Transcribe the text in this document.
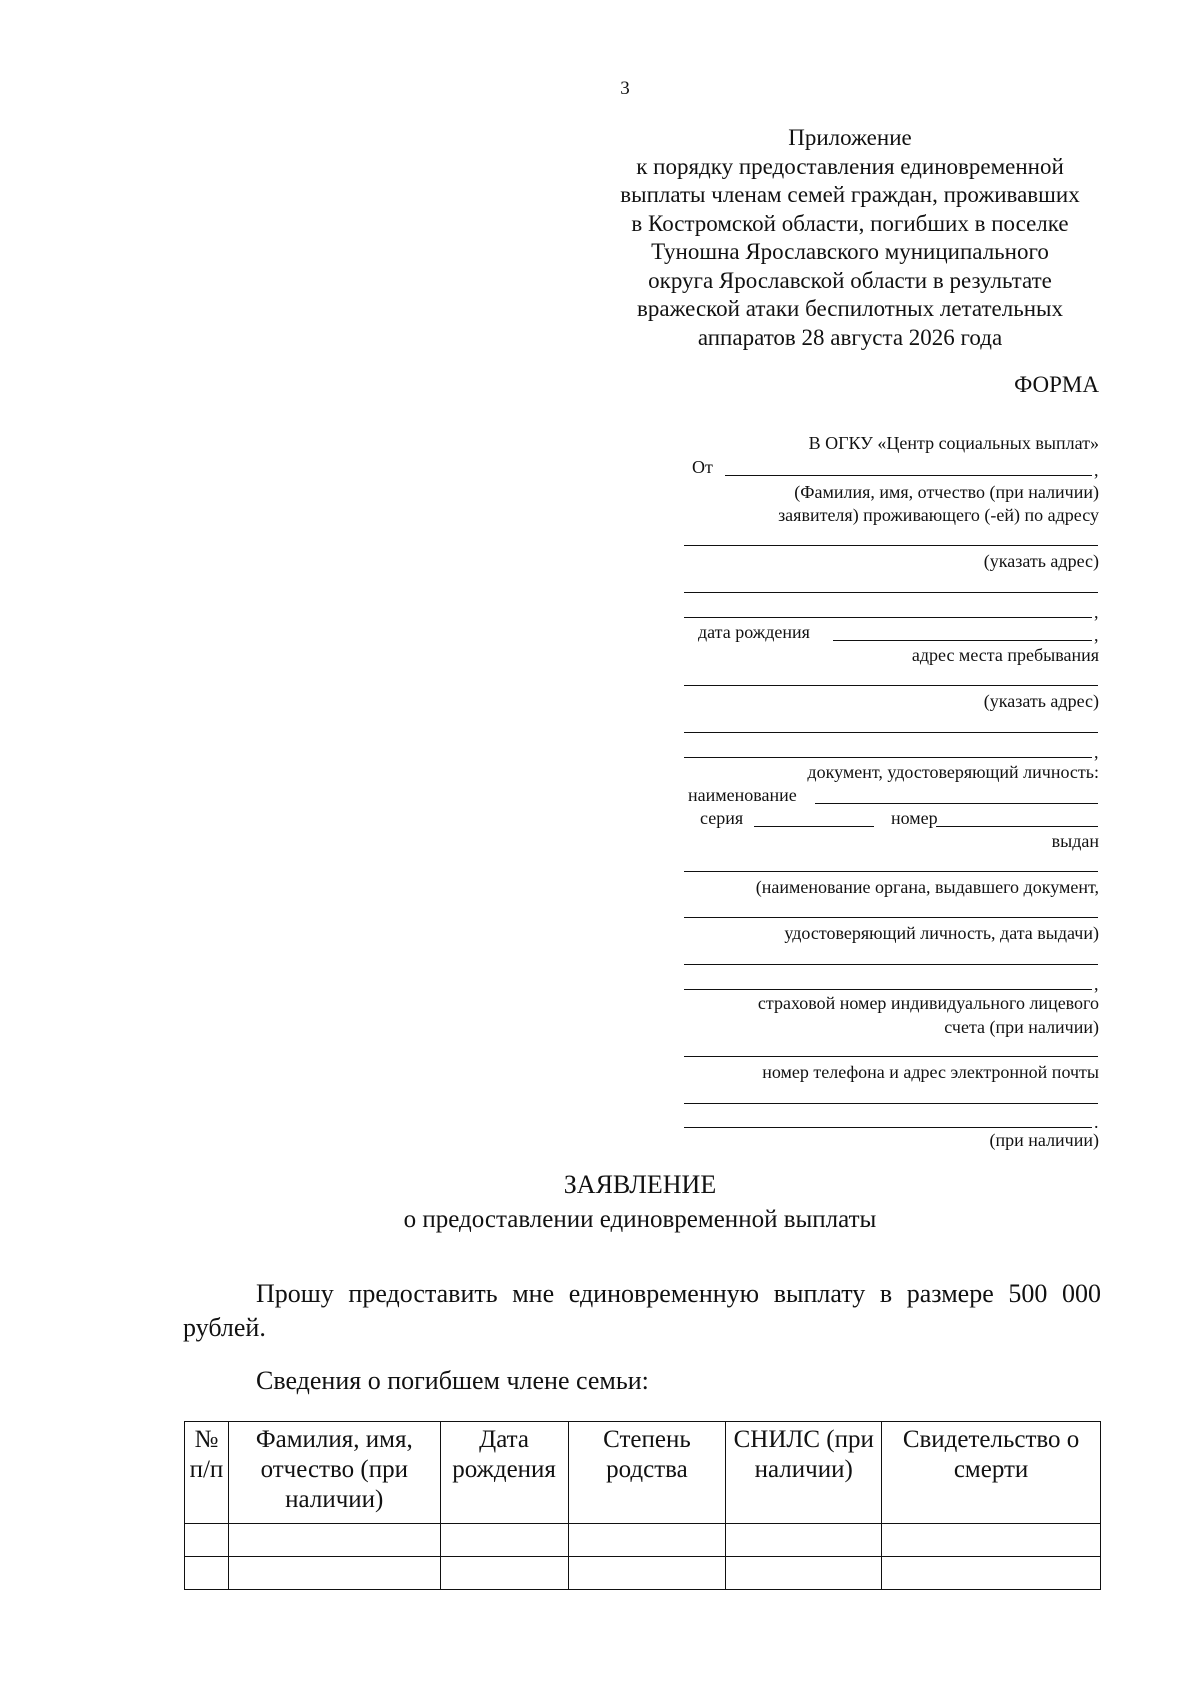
3
Приложение
к порядку предоставления единовременной
выплаты членам семей граждан, проживавших
в Костромской области, погибших в поселке
Туношна Ярославского муниципального
округа Ярославской области в результате
вражеской атаки беспилотных летательных
аппаратов 28 августа 2026 года
ФОРМА
В ОГКУ «Центр социальных выплат»
От	,
(Фамилия, имя, отчество (при наличии)
заявителя) проживающего (-ей) по адресу
(указать адрес)
,
дата рождения	,
адрес места пребывания
(указать адрес)
,
документ, удостоверяющий личность:
наименование
серия	номер
выдан
(наименование органа, выдавшего документ,
удостоверяющий личность, дата выдачи)
,
страховой номер индивидуального лицевого
счета (при наличии)
номер телефона и адрес электронной почты
.
(при наличии)
ЗАЯВЛЕНИЕ
о предоставлении единовременной выплаты
Прошу предоставить мне единовременную выплату в размере 500 000 рублей.
Сведения о погибшем члене семьи:
№ п/п	Фамилия, имя, отчество (при наличии)	Дата рождения	Степень родства	СНИЛС (при наличии)	Свидетельство о смерти
